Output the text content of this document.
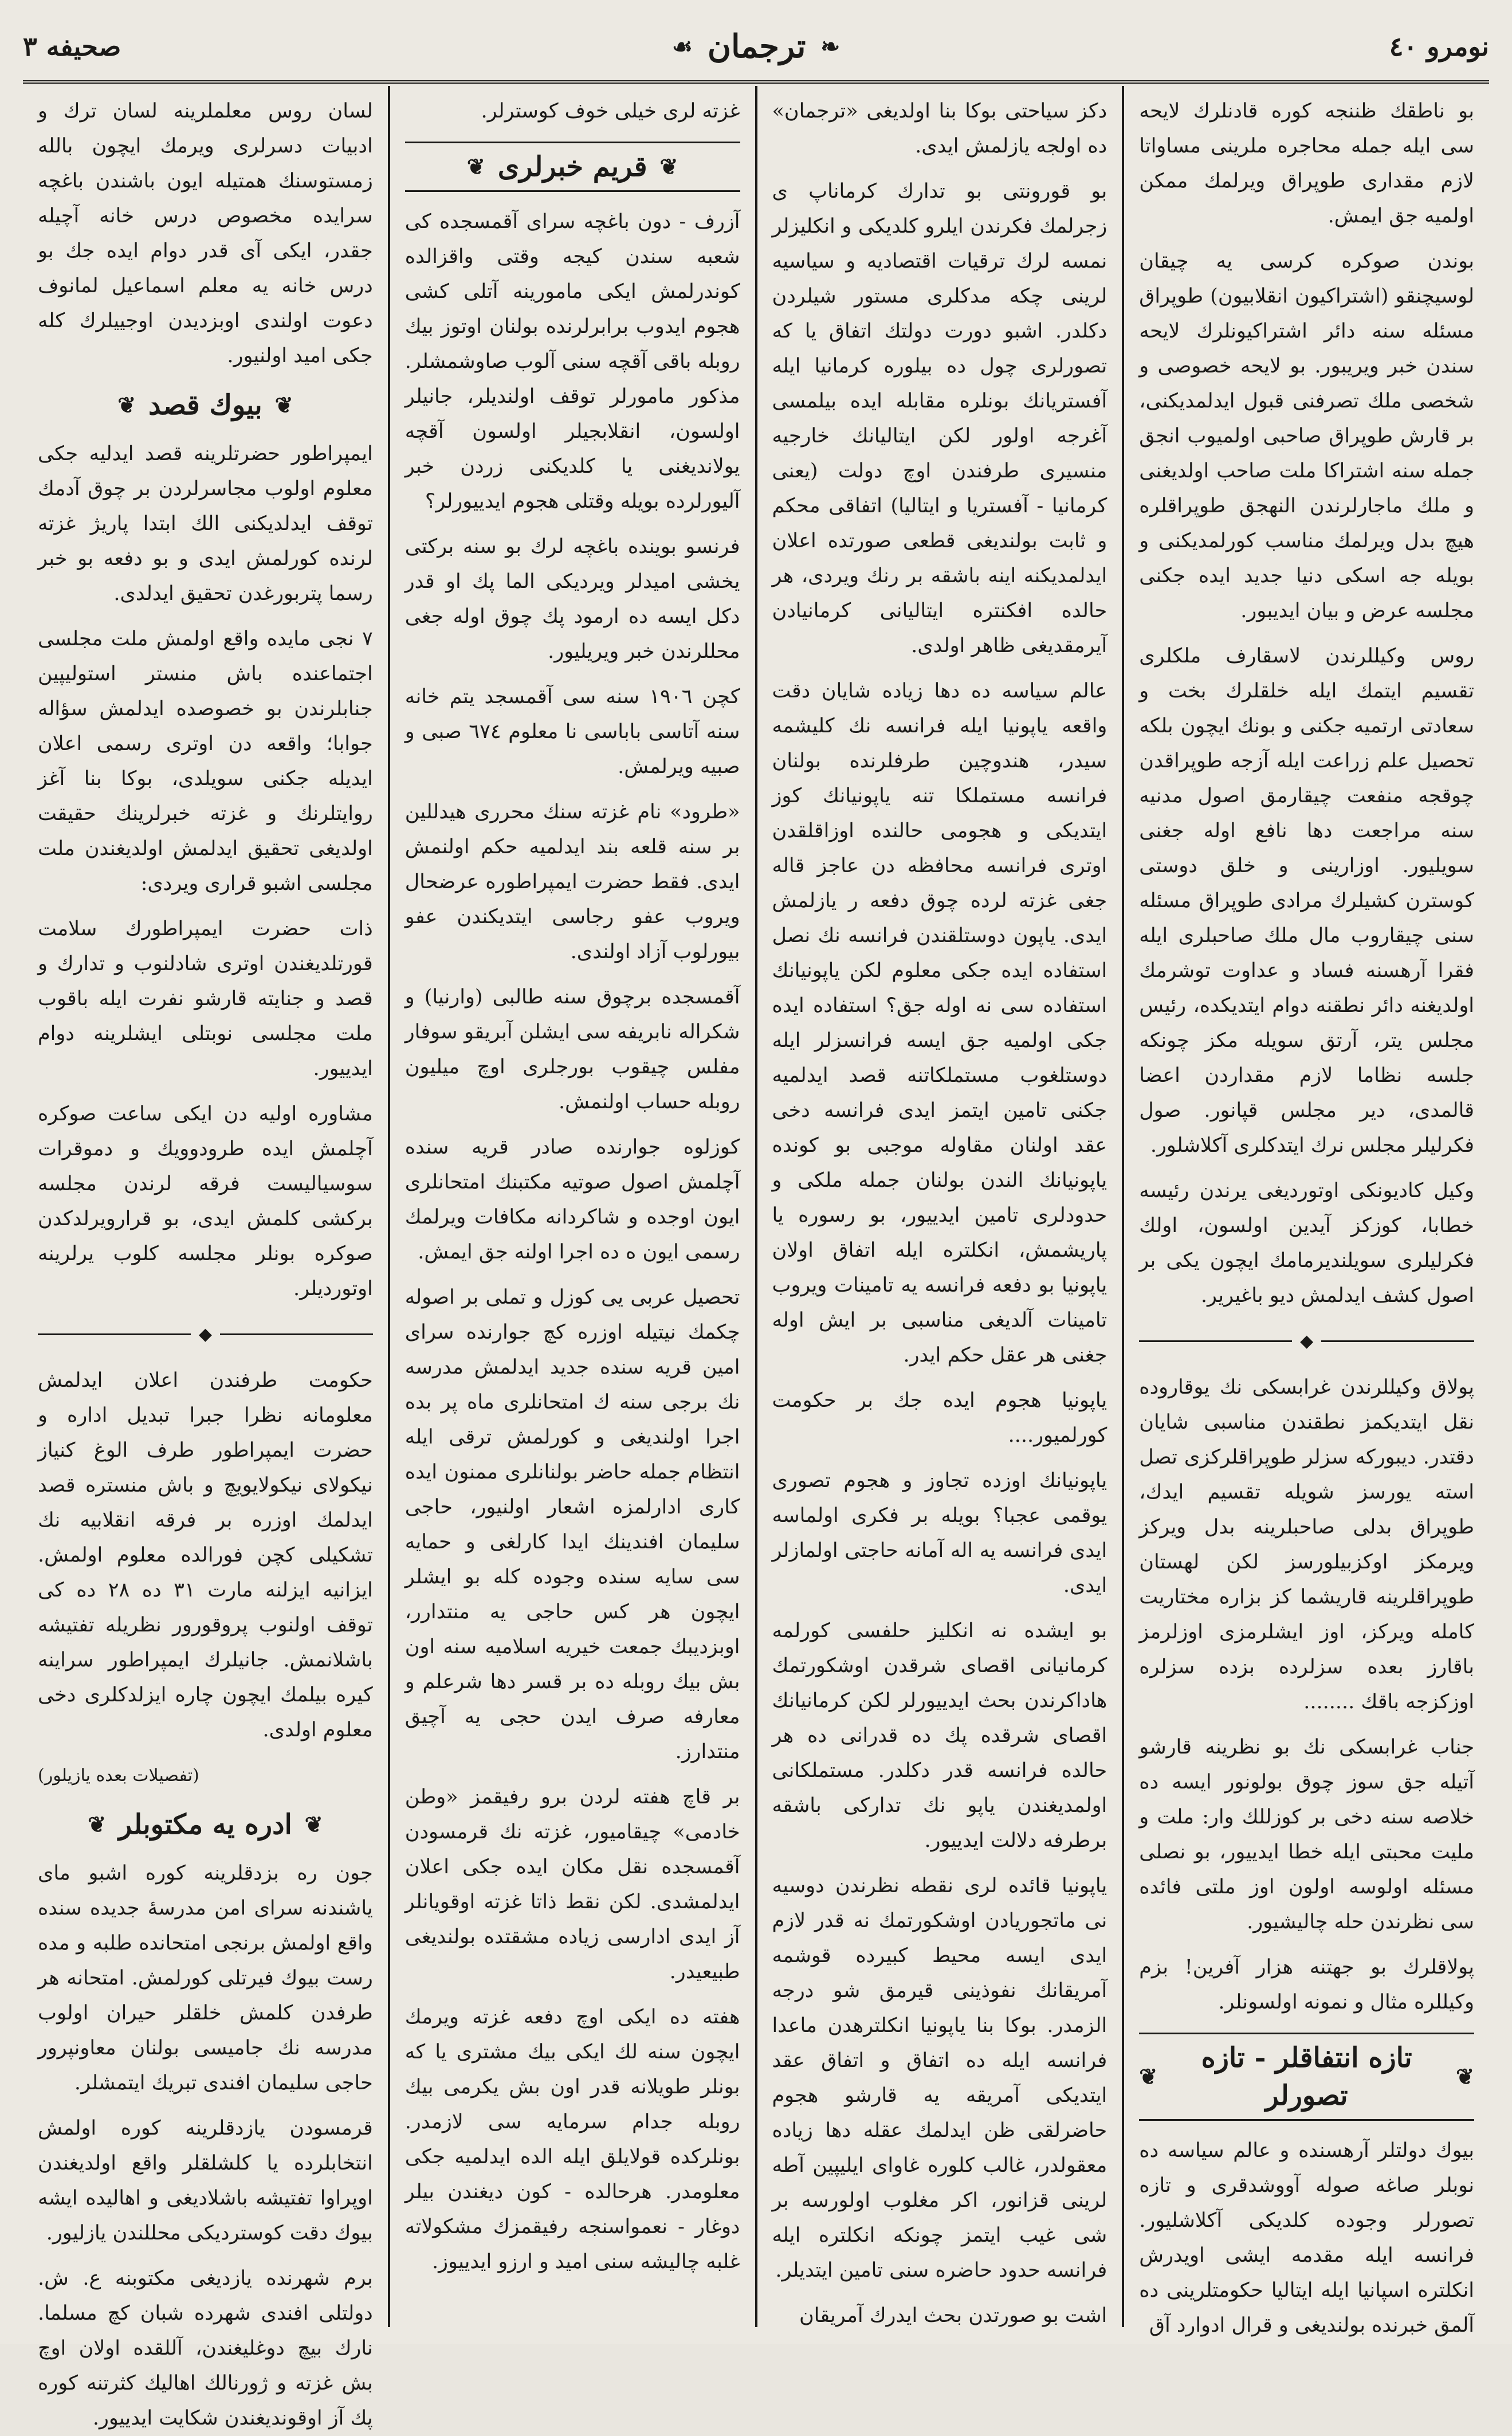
نومرو ٤٠
❧
ترجمان
☙
صحیفه ۳

بو ناطقك ظننجه کوره قادنلرك لایحه سی ایله جمله محاجره ملرینی مساواتا لازم مقداری طوپراق ویرلمك ممکن اولمیه جق ایمش.

بوندن صوکره کرسی یه چیقان لوسیچنقو (اشتراکیون انقلابیون) طوپراق مسئله سنه دائر اشتراکیونلرك لایحه سندن خبر ویریبور. بو لایحه خصوصی و شخصی ملك تصرفنی قبول ایدلمدیکنی، بر قارش طوپراق صاحبی اولمیوب انجق جمله سنه اشتراکا ملت صاحب اولدیغنی و ملك ماجارلرندن النهجق طوپراقلره هیچ بدل ویرلمك مناسب کورلمدیکنی و بویله جه اسکی دنیا جدید ایده جکنی مجلسه عرض و بیان ایدیبور.

روس وکیللرندن لاسقارف ملکلری تقسیم ایتمك ایله خلقلرك بخت و سعادتی ارتمیه جکنی و بونك ایچون بلکه تحصیل علم زراعت ایله آزجه طوپراقدن چوقجه منفعت چیقارمق اصول مدنیه سنه مراجعت دها نافع اوله جغنی سویلیور. اوزارینی و خلق دوستی کوسترن کشیلرك مرادی طوپراق مسئله سنی چیقاروب مال ملك صاحبلری ایله فقرا آرهسنه فساد و عداوت توشرمك اولدیغنه دائر نطقنه دوام ایتدیکده، رئیس مجلس یتر، آرتق سویله مکز چونکه جلسه نظاما لازم مقداردن اعضا قالمدی، دیر مجلس قپانور. صول فکرلیلر مجلس نرك ایتدکلری آکلاشلور.

وکیل کادیونکی اوتوردیغی یرندن رئیسه خطابا، کوزکز آیدین اولسون، اولك فکرلیلری سویلندیرمامك ایچون یکی بر اصول کشف ایدلمش دیو باغیریر.

◆

پولاق وکیللرندن غرابسکی نك یوقاروده نقل ایتدیکمز نطقندن مناسبی شایان دقتدر. دیبورکه سزلر طوپراقلرکزی تصل استه یورسز شویله تقسیم ایدك، طوپراق بدلی صاحبلرینه بدل ویرکز ویرمکز اوکزبیلورسز لکن لهستان طوپراقلرینه قاریشما کز بزاره مختاریت کامله ویرکز، اوز ایشلرمزی اوزلرمز باقارز بعده سزلرده بزده سزلره اوزکزجه باقك ........

جناب غرابسکی نك بو نظرینه قارشو آتیله جق سوز چوق بولونور ایسه ده خلاصه سنه دخی بر کوزللك وار: ملت و ملیت محبتی ایله خطا ایدییور، بو نصلی مسئله اولوسه اولون اوز ملتی فائده سی نظرندن حله چالیشیور.

پولاقلرك بو جهتنه هزار آفرین! بزم وکیللره مثال و نمونه اولسونلر.

❦
تازه انتفاقلر - تازه تصورلر
❦

بیوك دولتلر آرهسنده و عالم سیاسه ده نوبلر صاغه صوله آووشدقری و تازه تصورلر وجوده کلدیکی آکلاشلیور. فرانسه ایله مقدمه ایشی اویدرش انکلتره اسپانیا ایله ایتالیا حکومتلرینی ده آلمق خبرنده بولندیغی و قرال ادوارد آق

دکز سیاحتی بوکا بنا اولدیغی «ترجمان» ده اولجه یازلمش ایدی.

بو قورونتی بو تدارك کرماناپ ی زجرلمك فکرندن ایلرو کلدیکی و انکلیزلر نمسه لرك ترقیات اقتصادیه و سیاسیه لرینی چکه مدکلری مستور شیلردن دکلدر. اشبو دورت دولتك اتفاق یا که تصورلری چول ده بیلوره کرمانیا ایله آفستریانك بونلره مقابله ایده بیلمسی آغرجه اولور لکن ایتالیانك خارجیه منسیری طرفندن اوچ دولت (یعنی کرمانیا - آفستریا و ایتالیا) اتفاقی محکم و ثابت بولندیغی قطعی صورتده اعلان ایدلمدیکنه اینه باشقه بر رنك ویردی، هر حالده افکنتره ایتالیانی کرمانیادن آیرمقدیغی ظاهر اولدی.

عالم سیاسه ده دها زیاده شایان دقت واقعه یاپونیا ایله فرانسه نك کلیشمه سیدر، هندوچین طرفلرنده بولنان فرانسه مستملکا تنه یاپونیانك کوز ایتدیکی و هجومی حالنده اوزاقلقدن اوتری فرانسه محافظه دن عاجز قاله جغی غزته لرده چوق دفعه ر یازلمش ایدی. یاپون دوستلقندن فرانسه نك نصل استفاده ایده جکی معلوم لکن یاپونیانك استفاده سی نه اوله جق؟ استفاده ایده جکی اولمیه جق ایسه فرانسزلر ایله دوستلغوب مستملکاتنه قصد ایدلمیه جکنی تامین ایتمز ایدی فرانسه دخی عقد اولنان مقاوله موجبی بو کونده یاپونیانك الندن بولنان جمله ملکی و حدودلری تامین ایدییور، بو رسوره یا پاریشمش، انکلتره ایله اتفاق اولان یاپونیا بو دفعه فرانسه یه تامینات ویروب تامینات آلدیغی مناسبی بر ایش اوله جغنی هر عقل حکم ایدر.

یاپونیا هجوم ایده جك بر حکومت کورلمیور....

یاپونیانك اوزده تجاوز و هجوم تصوری یوقمی عجبا؟ بویله بر فکری اولماسه ایدی فرانسه یه اله آمانه حاجتی اولمازلر ایدی.

بو ایشده نه انکلیز حلفسی کورلمه کرمانیانی اقصای شرقدن اوشکورتمك هاداکرندن بحث ایدییورلر لکن کرمانیانك اقصای شرقده پك ده قدرانی ده هر حالده فرانسه قدر دکلدر. مستملکانی اولمدیغندن یاپو نك تدارکی باشقه برطرفه دلالت ایدییور.

یاپونیا قائده لری نقطه نظرندن دوسیه نی ماتجوریادن اوشکورتمك نه قدر لازم ایدی ایسه محیط کبیرده قوشمه آمریقانك نفوذینی قیرمق شو درجه الزمدر. بوکا بنا یاپونیا انکلترهدن ماعدا فرانسه ایله ده اتفاق و اتفاق عقد ایتدیکی آمریقه یه قارشو هجوم حاضرلقی ظن ایدلمك عقله دها زیاده معقولدر، غالب کلوره غاوای ایلیپین آطه لرینی قزانور، اکر مغلوب اولورسه بر شی غیب ایتمز چونکه انکلتره ایله فرانسه حدود حاضره سنی تامین ایتدیلر.

اشت بو صورتدن بحث ایدرك آمریقان

غزته لری خیلی خوف کوسترلر.

❦
قریم خبرلری
❦

آزرف - دون باغچه سرای آقمسجده کی شعبه سندن کیجه وقتی واقزالده کوندرلمش ایکی مامورینه آتلی کشی هجوم ایدوب برابرلرنده بولنان اوتوز بیك روبله باقی آقچه سنی آلوب صاوشمشلر. مذکور مامورلر توقف اولندیلر، جانیلر اولسون، انقلابجیلر اولسون آقچه یولاندیغنی یا کلدیکنی زردن خبر آلیورلرده بویله وقتلی هجوم ایدییورلر؟

فرنسو بوینده باغچه لرك بو سنه برکتی یخشی امیدلر ویردیکی الما پك او قدر دکل ایسه ده ارمود پك چوق اوله جغی محللرندن خبر ویریلیور.

کچن ۱۹۰٦ سنه سی آقمسجد یتم خانه سنه آتاسی باباسی نا معلوم ٦٧٤ صبی و صبیه ویرلمش.

«طرود» نام غزته سنك محرری هیدللین بر سنه قلعه بند ایدلمیه حکم اولنمش ایدی. فقط حضرت ایمپراطوره عرضحال ویروب عفو رجاسی ایتدیکندن عفو بیورلوب آزاد اولندی.

آقمسجده برچوق سنه طالبی (وارنیا) و شکراله نابریفه سی ایشلن آبریقو سوفار مفلس چیقوب بورجلری اوچ میلیون روبله حساب اولنمش.

کوزلوه جوارنده صادر قریه سنده آچلمش اصول صوتیه مکتبنك امتحانلری ایون اوجده و شاکردانه مکافات ویرلمك رسمی ایون ه ده اجرا اولنه جق ایمش.

تحصیل عربی یی کوزل و تملی بر اصوله چکمك نیتیله اوزره کچ جوارنده سرای امین قریه سنده جدید ایدلمش مدرسه نك برجی سنه ك امتحانلری ماه پر بده اجرا اولندیغی و کورلمش ترقی ایله انتظام جمله حاضر بولنانلری ممنون ایده کاری ادارلمزه اشعار اولنیور، حاجی سلیمان افندینك ایدا کارلغی و حمایه سی سایه سنده وجوده کله بو ایشلر ایچون هر کس حاجی یه منتدارر، اوبزدیبك جمعت خیریه اسلامیه سنه اون بش بیك روبله ده بر قسر دها شرعلم و معارفه صرف ایدن حجی یه آچیق منتدارز.

بر قاچ هفته لردن برو رفیقمز «وطن خادمی» چیقامیور، غزته نك قرمسودن آقمسجده نقل مکان ایده جکی اعلان ایدلمشدی. لکن نقط ذاتا غزته اوقویانلر آز ایدی ادارسی زیاده مشقتده بولندیغی طبیعیدر.

هفته ده ایکی اوچ دفعه غزته ویرمك ایچون سنه لك ایکی بیك مشتری یا که بونلر طویلانه قدر اون بش یکرمی بیك روبله جدام سرمایه سی لازمدر. بونلرکده قولایلق ایله الده ایدلمیه جکی معلومدر. هرحالده - کون دیغندن بیلر دوغار - نعمواسنجه رفیقمزك مشکولاته غلبه چالیشه سنی امید و ارزو ایدییوز.

لسان روس معلملرینه لسان ترك و ادبیات دسرلری ویرمك ایچون بالله زمستوسنك همتیله ایون باشندن باغچه سرایده مخصوص درس خانه آچیله جقدر، ایکی آی قدر دوام ایده جك بو درس خانه یه معلم اسماعیل لمانوف دعوت اولندی اوبزدیدن اوجییلرك کله جکی امید اولنیور.

❦
بیوك قصد
❦

ایمپراطور حضرتلرینه قصد ایدلیه جکی معلوم اولوب مجاسرلردن بر چوق آدمك توقف ایدلدیکنی الك ابتدا پاریژ غزته لرنده کورلمش ایدی و بو دفعه بو خبر رسما پتربورغدن تحقیق ایدلدی.

۷ نجی مایده واقع اولمش ملت مجلسی اجتماعنده باش منستر استولیپین جنابلرندن بو خصوصده ایدلمش سؤاله جوابا؛ واقعه دن اوتری رسمی اعلان ایدیله جکنی سویلدی، بوکا بنا آغز روایتلرنك و غزته خبرلرینك حقیقت اولدیغی تحقیق ایدلمش اولدیغندن ملت مجلسی اشبو قراری ویردی:

ذات حضرت ایمپراطورك سلامت قورتلدیغندن اوتری شادلنوب و تدارك و قصد و جنایته قارشو نفرت ایله باقوب ملت مجلسی نوبتلی ایشلرینه دوام ایدییور.

مشاوره اولیه دن ایکی ساعت صوکره آچلمش ایده طرودوویك و دموقرات سوسیالیست فرقه لرندن مجلسه برکشی کلمش ایدی، بو قرارویرلدکدن صوکره بونلر مجلسه کلوب یرلرینه اوتوردیلر.

◆

حکومت طرفندن اعلان ایدلمش معلومانه نظرا جبرا تبدیل اداره و حضرت ایمپراطور طرف الوغ کنیاز نیکولای نیکولایویچ و باش منستره قصد ایدلمك اوزره بر فرقه انقلابیه نك تشکیلی کچن فورالده معلوم اولمش. ایزانیه ایزلنه مارت ۳۱ ده ۲۸ ده کی توقف اولنوب پروقورور نظریله تفتیشه باشلانمش. جانیلرك ایمپراطور سراینه کیره بیلمك ایچون چاره ایزلدکلری دخی معلوم اولدی.

(تفصیلات بعده یازیلور)

❦
ادره یه مکتوبلر
❦

جون ره بزدقلرینه کوره اشبو مای یاشندنه سرای امن مدرسهٔ جدیده سنده واقع اولمش برنجی امتحانده طلبه و مده رست بیوك فیرتلی کورلمش. امتحانه هر طرفدن کلمش خلقلر حیران اولوب مدرسه نك جامیسی بولنان معاونپرور حاجی سلیمان افندی تبریك ایتمشلر.

قرمسودن یازدقلرینه کوره اولمش انتخابلرده یا کلشلقلر واقع اولدیغندن اوپراوا تفتیشه باشلادیغی و اهالیده ایشه بیوك دقت کوستردیکی محللندن یازلیور.

برم شهرنده یازدیغی مکتوبنه ع. ش. دولتلی افندی شهرده شبان کچ مسلما. نارك بیچ دوغلیغندن، آللقده اولان اوچ بش غزته و ژورنالك اهالیك کثرتنه کوره پك آز اوقوندیغندن شکایت ایدییور.
